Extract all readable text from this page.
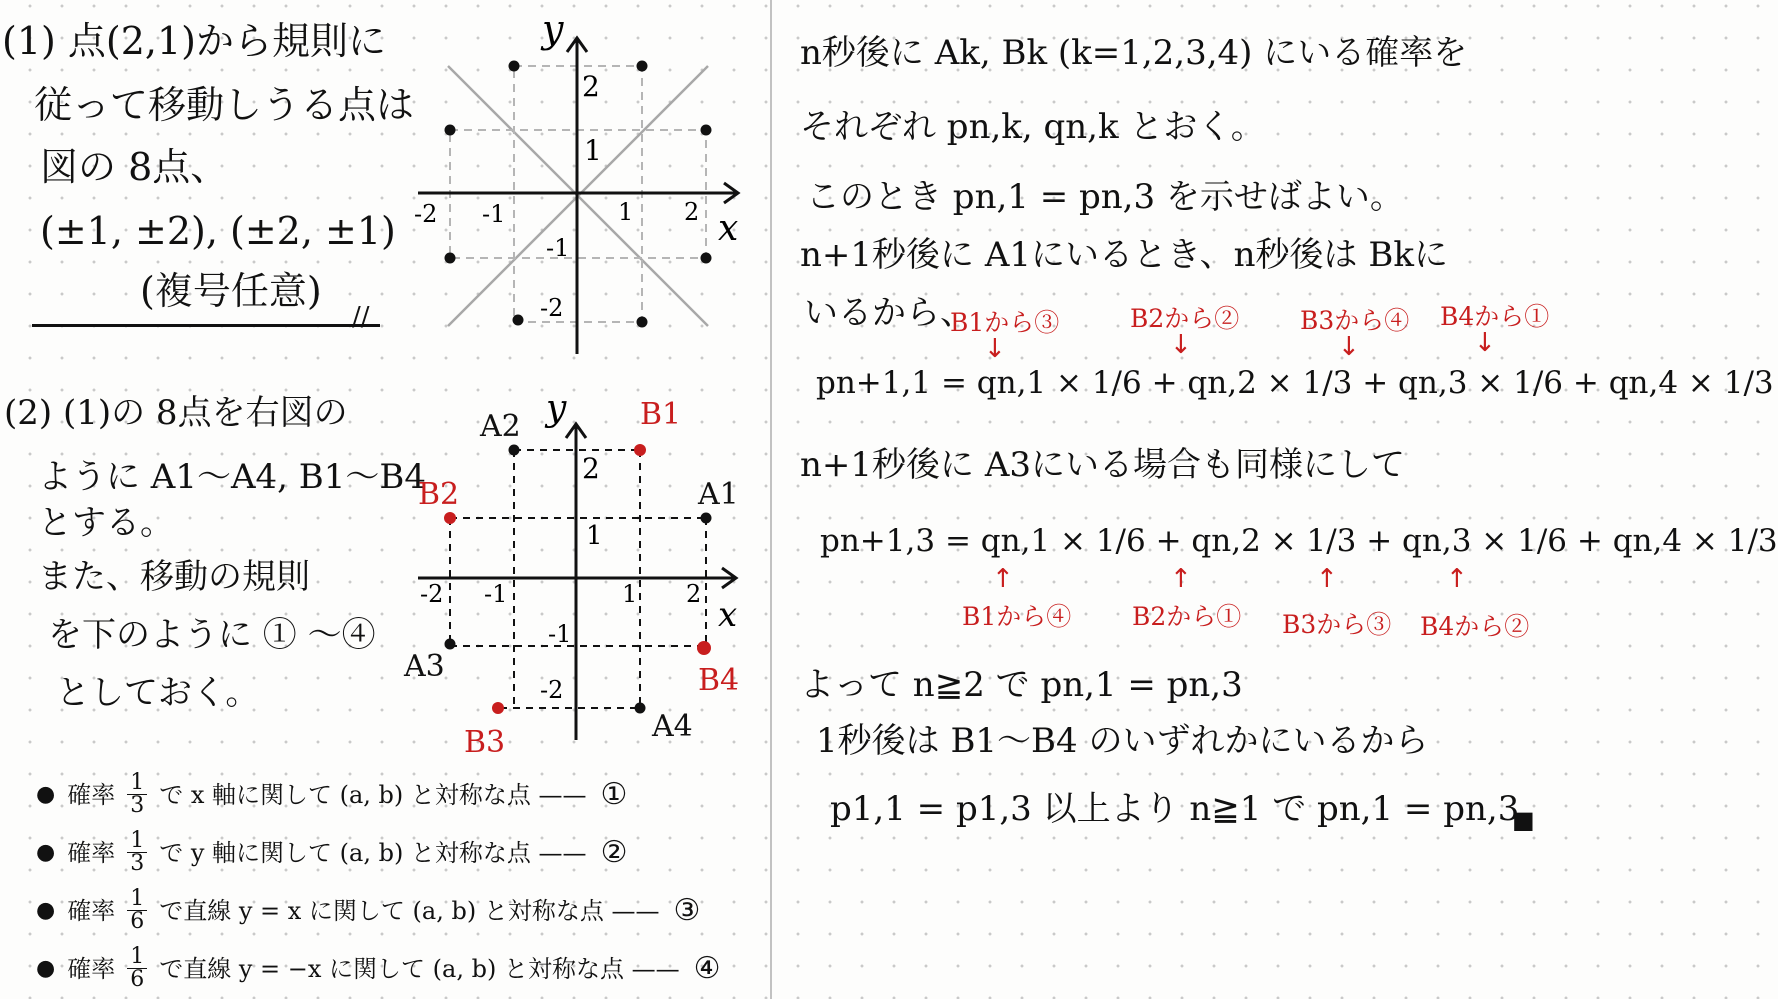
(1) 点(2,1)から規則に
従って移動しうる点は
図の 8点、
(±1, ±2), (±2, ±1)
(複号任意)
//
y
x
2
1
-2 -1	1 2
-1
-2
(2) (1)の 8点を右図の
ように A1〜A4, B1〜B4
とする。
また、移動の規則
を下のように ① 〜④
としておく。
y
x
2
1
-2 -1	1 2
-1
-2
A2	B1
B2	A1
A3	B4
B3	A4
● 確率 $\frac{1}{3}$ で x 軸に関して (a, b) と対称な点 —— ①
● 確率 $\frac{1}{3}$ で y 軸に関して (a, b) と対称な点 —— ②
● 確率 $\frac{1}{6}$ で直線 y = x に関して (a, b) と対称な点 —— ③
● 確率 $\frac{1}{6}$ で直線 y = −x に関して (a, b) と対称な点 —— ④
n秒後に Ak, Bk (k=1,2,3,4) にいる確率を
それぞれ pn,k, qn,k とおく。
このとき pn,1 = pn,3 を示せばよい。
n+1秒後に A1にいるとき、n秒後は Bkに
いるから、
B1から③	B2から② B3から④ B4から①
↓	↓	↓	↓
pn+1,1 = qn,1 × 1/6 + qn,2 × 1/3 + qn,3 × 1/6 + qn,4 × 1/3
n+1秒後に A3にいる場合も同様にして
pn+1,3 = qn,1 × 1/6 + qn,2 × 1/3 + qn,3 × 1/6 + qn,4 × 1/3
↑	↑	↑	↑
B1から④ B2から① B3から③ B4から②
よって n≧2 で pn,1 = pn,3
1秒後は B1〜B4 のいずれかにいるから
p1,1 = p1,3 以上より n≧1 で pn,1 = pn,3
■
